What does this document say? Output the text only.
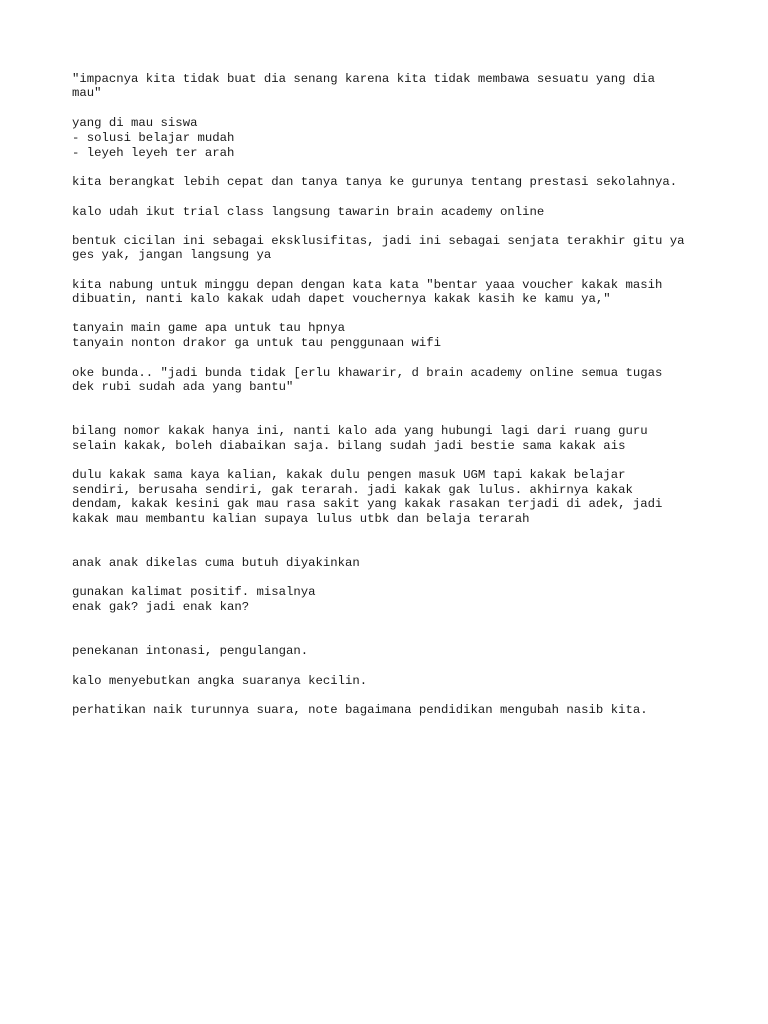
"impacnya kita tidak buat dia senang karena kita tidak membawa sesuatu yang dia

mau"

yang di mau siswa

- solusi belajar mudah

- leyeh leyeh ter arah

kita berangkat lebih cepat dan tanya tanya ke gurunya tentang prestasi sekolahnya.

kalo udah ikut trial class langsung tawarin brain academy online

bentuk cicilan ini sebagai eksklusifitas, jadi ini sebagai senjata terakhir gitu ya

ges yak, jangan langsung ya

kita nabung untuk minggu depan dengan kata kata "bentar yaaa voucher kakak masih

dibuatin, nanti kalo kakak udah dapet vouchernya kakak kasih ke kamu ya,"

tanyain main game apa untuk tau hpnya

tanyain nonton drakor ga untuk tau penggunaan wifi

oke bunda.. "jadi bunda tidak [erlu khawarir, d brain academy online semua tugas

dek rubi sudah ada yang bantu"

bilang nomor kakak hanya ini, nanti kalo ada yang hubungi lagi dari ruang guru

selain kakak, boleh diabaikan saja. bilang sudah jadi bestie sama kakak ais

dulu kakak sama kaya kalian, kakak dulu pengen masuk UGM tapi kakak belajar

sendiri, berusaha sendiri, gak terarah. jadi kakak gak lulus. akhirnya kakak

dendam, kakak kesini gak mau rasa sakit yang kakak rasakan terjadi di adek, jadi

kakak mau membantu kalian supaya lulus utbk dan belaja terarah

anak anak dikelas cuma butuh diyakinkan

gunakan kalimat positif. misalnya

enak gak? jadi enak kan?

penekanan intonasi, pengulangan.

kalo menyebutkan angka suaranya kecilin.

perhatikan naik turunnya suara, note bagaimana pendidikan mengubah nasib kita.
